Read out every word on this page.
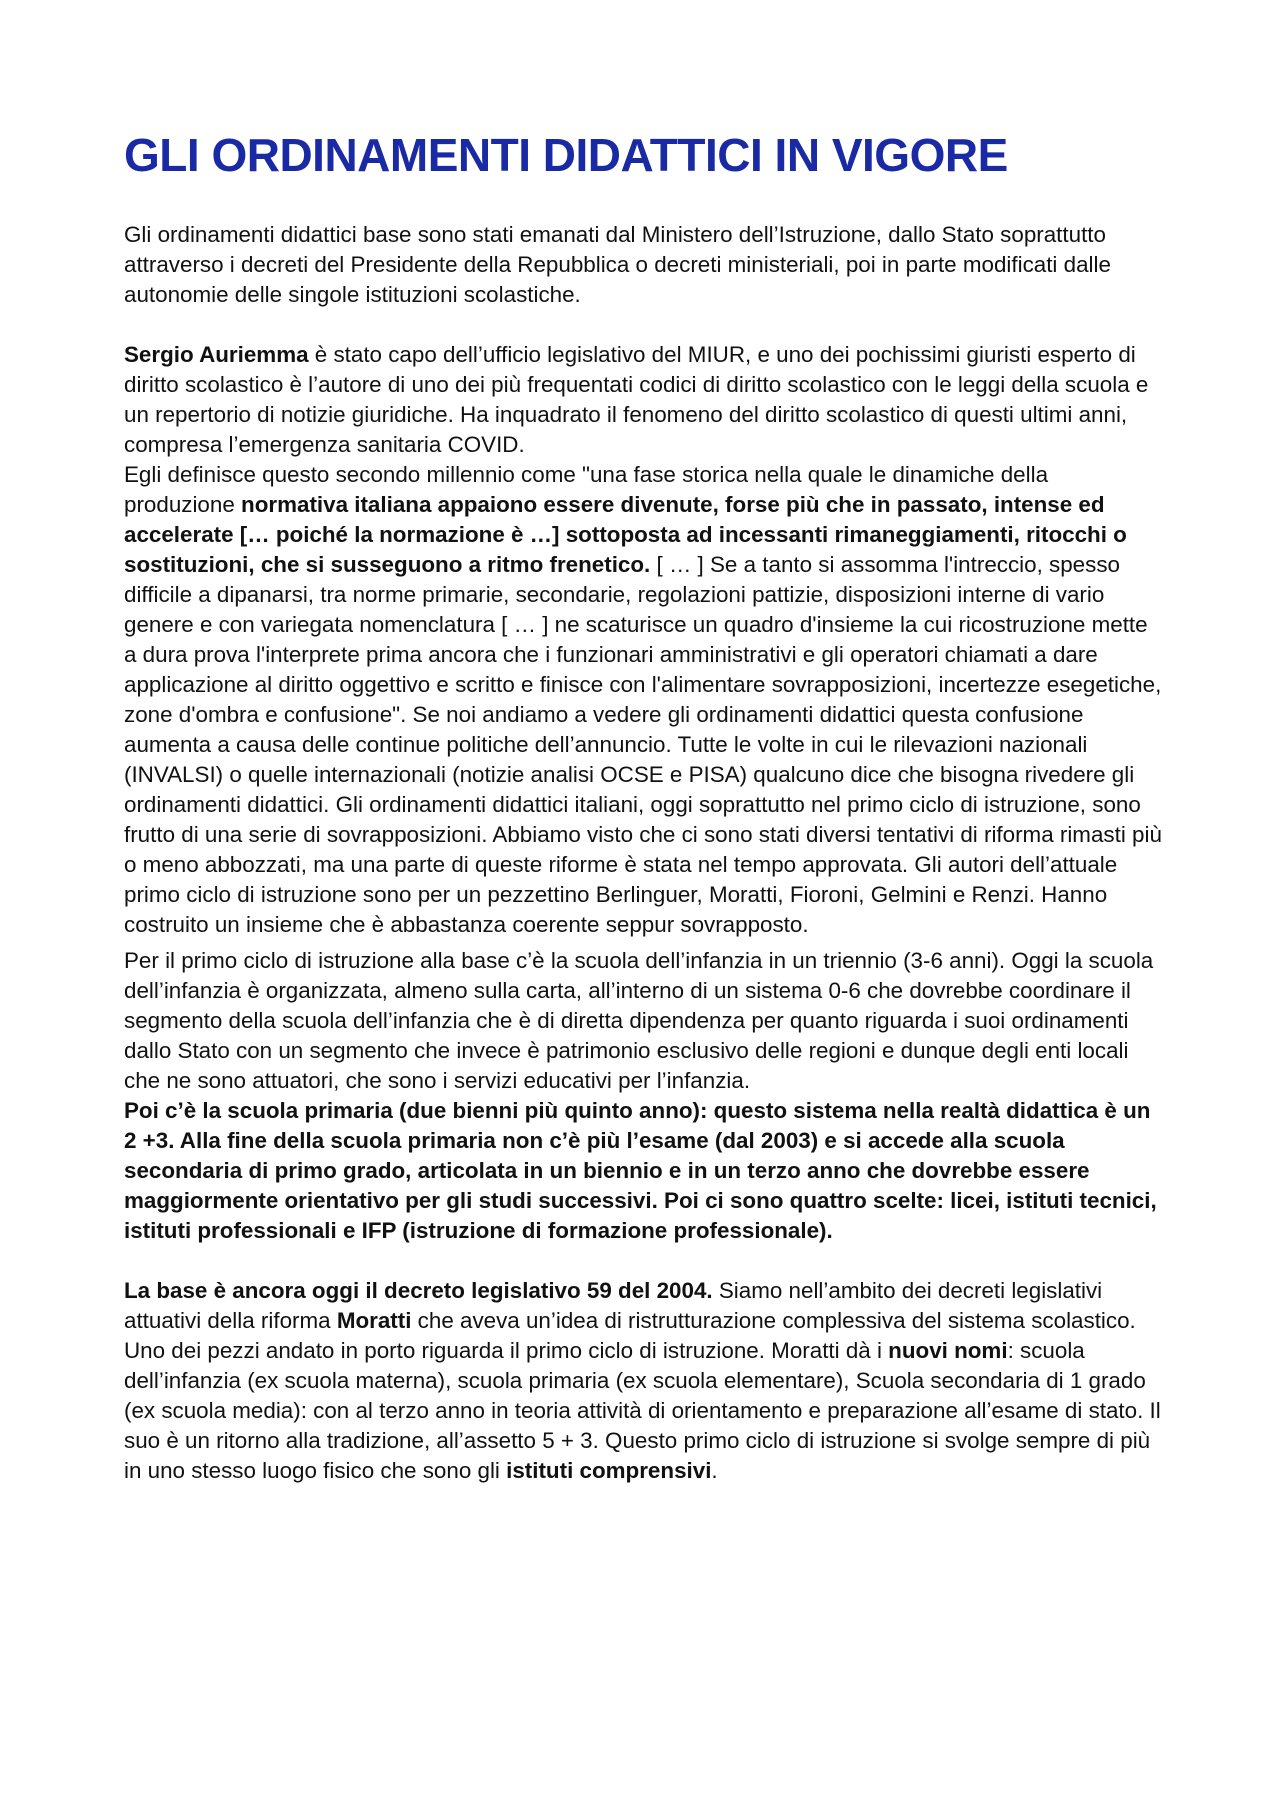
GLI ORDINAMENTI DIDATTICI IN VIGORE

Gli ordinamenti didattici base sono stati emanati dal Ministero dell’Istruzione, dallo Stato soprattutto attraverso i decreti del Presidente della Repubblica o decreti ministeriali, poi in parte modificati dalle autonomie delle singole istituzioni scolastiche.

Sergio Auriemma è stato capo dell’ufficio legislativo del MIUR, e uno dei pochissimi giuristi esperto di diritto scolastico è l’autore di uno dei più frequentati codici di diritto scolastico con le leggi della scuola e un repertorio di notizie giuridiche. Ha inquadrato il fenomeno del diritto scolastico di questi ultimi anni, compresa l’emergenza sanitaria COVID.

Egli definisce questo secondo millennio come "una fase storica nella quale le dinamiche della produzione normativa italiana appaiono essere divenute, forse più che in passato, intense ed accelerate [… poiché la normazione è …] sottoposta ad incessanti rimaneggiamenti, ritocchi o sostituzioni, che si susseguono a ritmo frenetico. [ … ] Se a tanto si assomma l'intreccio, spesso difficile a dipanarsi, tra norme primarie, secondarie, regolazioni pattizie, disposizioni interne di vario genere e con variegata nomenclatura [ … ] ne scaturisce un quadro d'insieme la cui ricostruzione mette a dura prova l'interprete prima ancora che i funzionari amministrativi e gli operatori chiamati a dare applicazione al diritto oggettivo e scritto e finisce con l'alimentare sovrapposizioni, incertezze esegetiche, zone d'ombra e confusione". Se noi andiamo a vedere gli ordinamenti didattici questa confusione aumenta a causa delle continue politiche dell’annuncio. Tutte le volte in cui le rilevazioni nazionali (INVALSI) o quelle internazionali (notizie analisi OCSE e PISA) qualcuno dice che bisogna rivedere gli ordinamenti didattici. Gli ordinamenti didattici italiani, oggi soprattutto nel primo ciclo di istruzione, sono frutto di una serie di sovrapposizioni. Abbiamo visto che ci sono stati diversi tentativi di riforma rimasti più o meno abbozzati, ma una parte di queste riforme è stata nel tempo approvata. Gli autori dell’attuale primo ciclo di istruzione sono per un pezzettino Berlinguer, Moratti, Fioroni, Gelmini e Renzi. Hanno costruito un insieme che è abbastanza coerente seppur sovrapposto.

Per il primo ciclo di istruzione alla base c’è la scuola dell’infanzia in un triennio (3-6 anni). Oggi la scuola dell’infanzia è organizzata, almeno sulla carta, all’interno di un sistema 0-6 che dovrebbe coordinare il segmento della scuola dell’infanzia che è di diretta dipendenza per quanto riguarda i suoi ordinamenti dallo Stato con un segmento che invece è patrimonio esclusivo delle regioni e dunque degli enti locali che ne sono attuatori, che sono i servizi educativi per l’infanzia.

Poi c’è la scuola primaria (due bienni più quinto anno): questo sistema nella realtà didattica è un 2 +3. Alla fine della scuola primaria non c’è più l’esame (dal 2003) e si accede alla scuola secondaria di primo grado, articolata in un biennio e in un terzo anno che dovrebbe essere maggiormente orientativo per gli studi successivi. Poi ci sono quattro scelte: licei, istituti tecnici, istituti professionali e IFP (istruzione di formazione professionale).

La base è ancora oggi il decreto legislativo 59 del 2004. Siamo nell’ambito dei decreti legislativi attuativi della riforma Moratti che aveva un’idea di ristrutturazione complessiva del sistema scolastico. Uno dei pezzi andato in porto riguarda il primo ciclo di istruzione. Moratti dà i nuovi nomi: scuola dell’infanzia (ex scuola materna), scuola primaria (ex scuola elementare), Scuola secondaria di 1 grado (ex scuola media): con al terzo anno in teoria attività di orientamento e preparazione all’esame di stato. Il suo è un ritorno alla tradizione, all’assetto 5 + 3. Questo primo ciclo di istruzione si svolge sempre di più in uno stesso luogo fisico che sono gli istituti comprensivi.
